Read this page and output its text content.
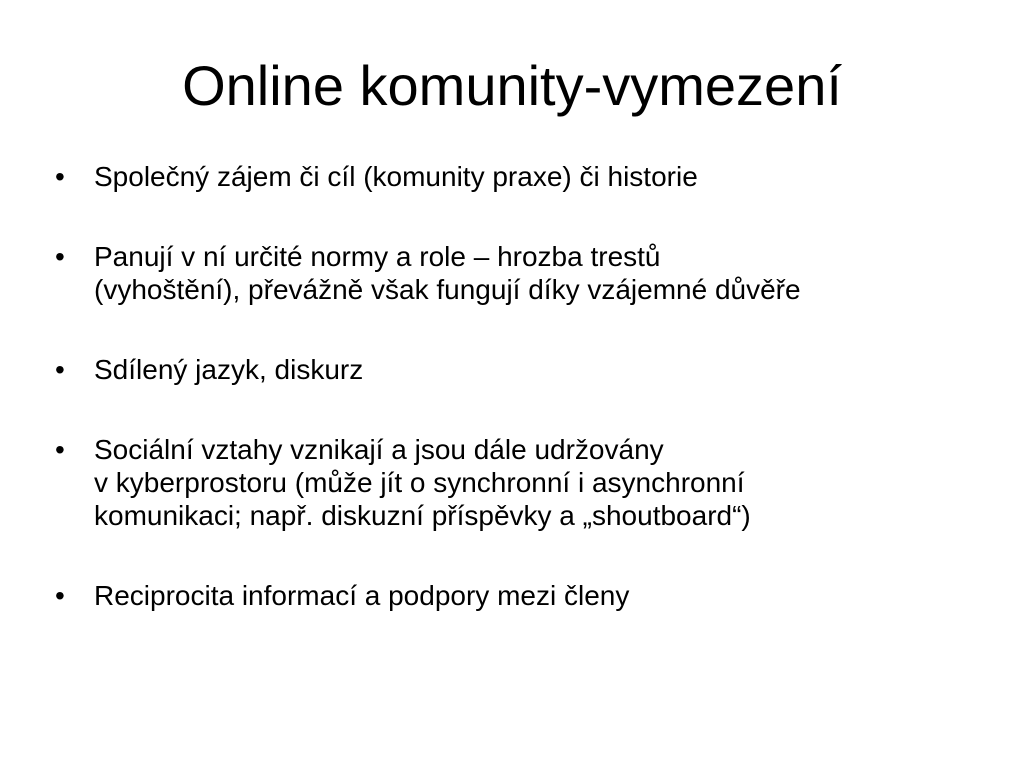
Online komunity-vymezení
•	Společný zájem či cíl (komunity praxe) či historie
•	Panují v ní určité normy a role – hrozba trestů
(vyhoštění), převážně však fungují díky vzájemné důvěře
•	Sdílený jazyk, diskurz
•	Sociální vztahy vznikají a jsou dále udržovány
v kyberprostoru (může jít o synchronní i asynchronní
komunikaci; např. diskuzní příspěvky a „shoutboard“)
•	Reciprocita informací a podpory mezi členy
